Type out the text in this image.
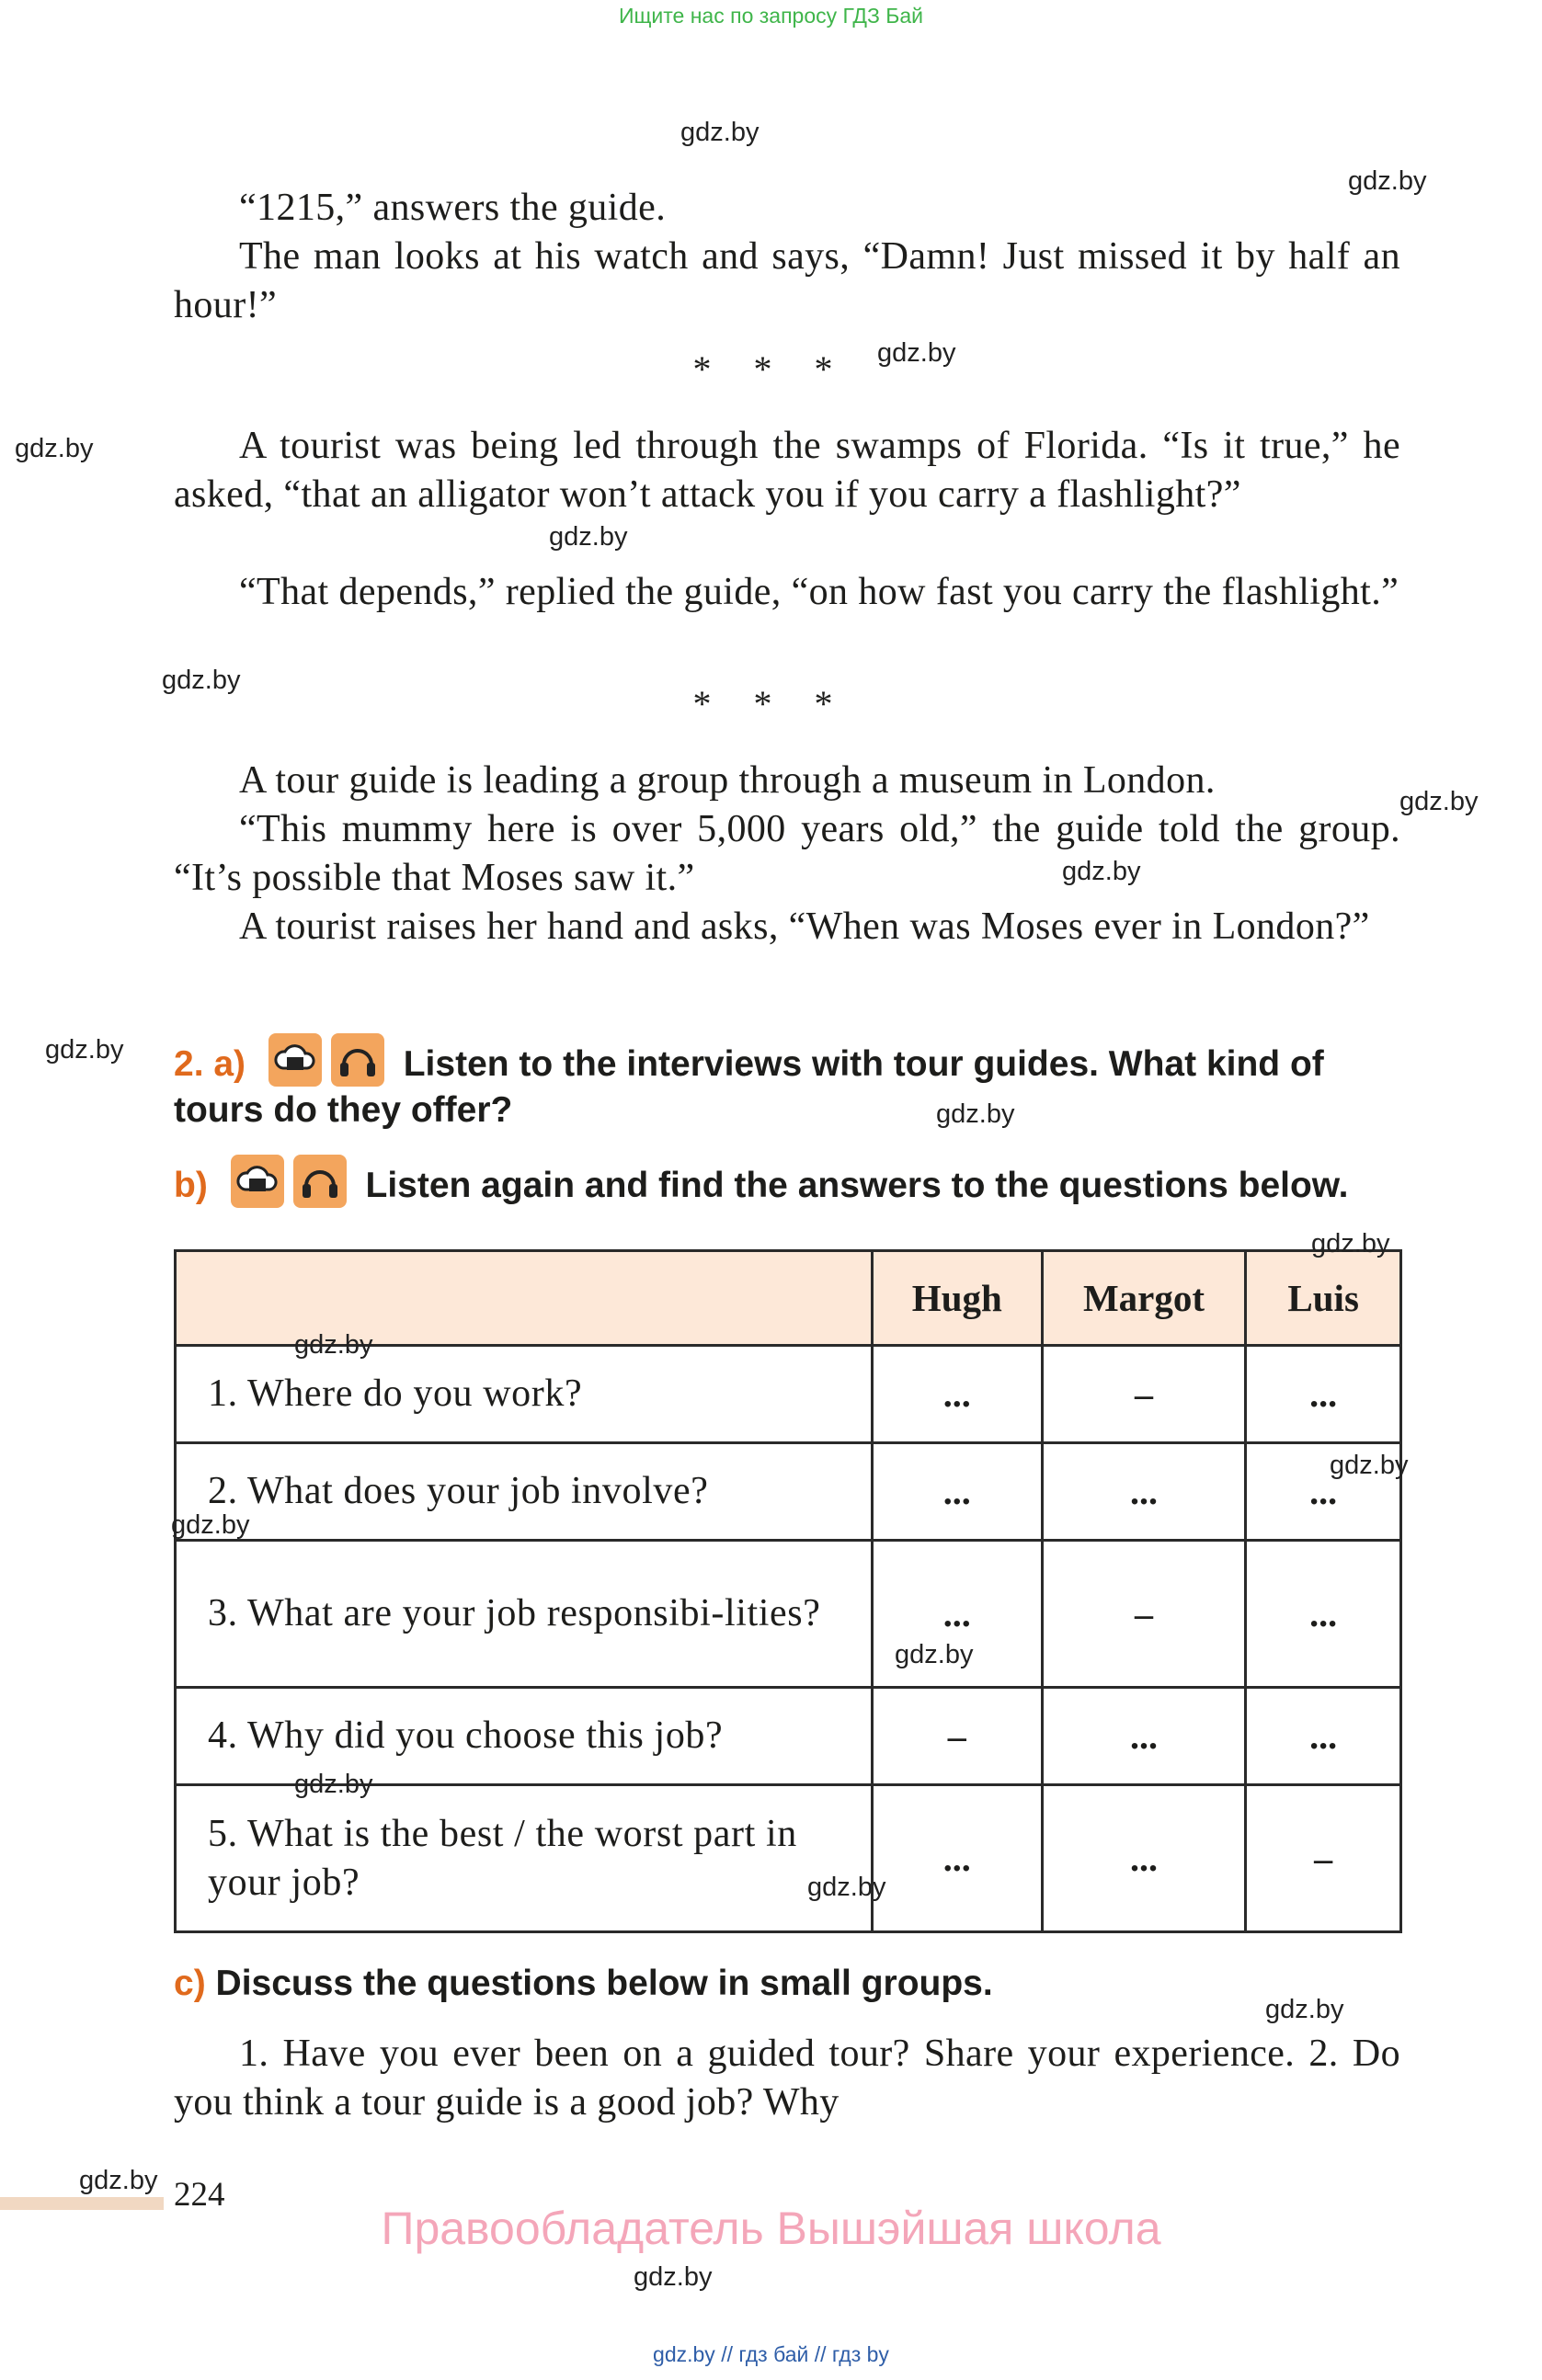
Ищите нас по запросу ГДЗ Бай
gdz.by
gdz.by
gdz.by
gdz.by
gdz.by
gdz.by
gdz.by
gdz.by
gdz.by
gdz.by

“1215,” answers the guide.

The man looks at his watch and says, “Damn! Just missed it by half an hour!”

* * *

A tourist was being led through the swamps of Florida. “Is it true,” he asked, “that an alligator won’t attack you if you carry a flashlight?”

“That depends,” replied the guide, “on how fast you carry the flashlight.”

* * *

A tour guide is leading a group through a museum in London.

“This mummy here is over 5,000 years old,” the guide told the group. “It’s possible that Moses saw it.”

A tourist raises her hand and asks, “When was Moses ever in London?”

2. a)	Listen to the interviews with tour guides. What kind of tours do they offer?
b)	Listen again and find the answers to the questions below.
	Hugh	Margot	Luis
1. Where do you work?	...	–	...
2. What does your job involve?	...	...	...
3. What are your job responsibi-lities?	...	–	...
4. Why did you choose this job?	–	...	...
5. What is the best / the worst part in your job?	...	...	–
gdz.by
gdz.by
gdz.by
gdz.by
gdz.by
gdz.by
gdz.by
c) Discuss the questions below in small groups.
gdz.by

1. Have you ever been on a guided tour? Share your experience. 2. Do you think a tour guide is a good job? Why

gdz.by 224
Правообладатель Вышэйшая школа
gdz.by
gdz.by // гдз бай // гдз by
